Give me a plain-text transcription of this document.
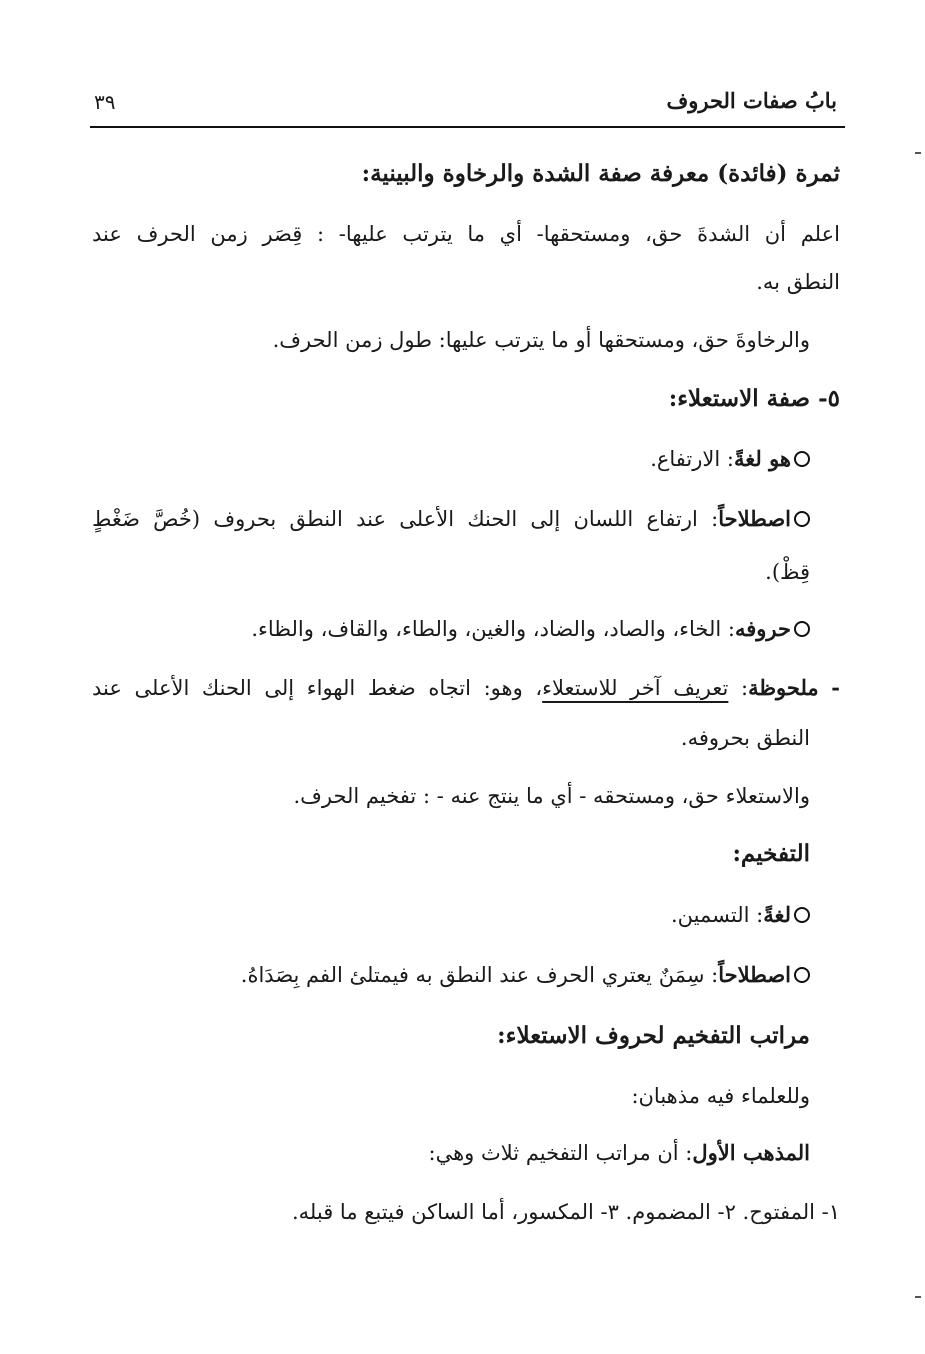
بابُ صفات الحروف
٣٩
ثمرة (فائدة) معرفة صفة الشدة والرخاوة والبينية:
اعلم أن الشدةَ حق، ومستحقها- أي ما يترتب عليها- : قِصَر زمن الحرف عند
النطق به.
والرخاوةَ حق، ومستحقها أو ما يترتب عليها: طول زمن الحرف.
٥- صفة الاستعلاء:
هو لغةً: الارتفاع.
اصطلاحاً: ارتفاع اللسان إلى الحنك الأعلى عند النطق بحروف (خُصَّ ضَغْطٍ
قِظْ).
حروفه: الخاء، والصاد، والضاد، والغين، والطاء، والقاف، والظاء.
- ملحوظة: تعريف آخر للاستعلاء، وهو: اتجاه ضغط الهواء إلى الحنك الأعلى عند
النطق بحروفه.
والاستعلاء حق، ومستحقه - أي ما ينتج عنه - : تفخيم الحرف.
التفخيم:
لغةً: التسمين.
اصطلاحاً: سِمَنٌ يعتري الحرف عند النطق به فيمتلئ الفم بِصَدَاهُ.
مراتب التفخيم لحروف الاستعلاء:
وللعلماء فيه مذهبان:
المذهب الأول: أن مراتب التفخيم ثلاث وهي:
١- المفتوح. ٢- المضموم. ٣- المكسور، أما الساكن فيتبع ما قبله.
